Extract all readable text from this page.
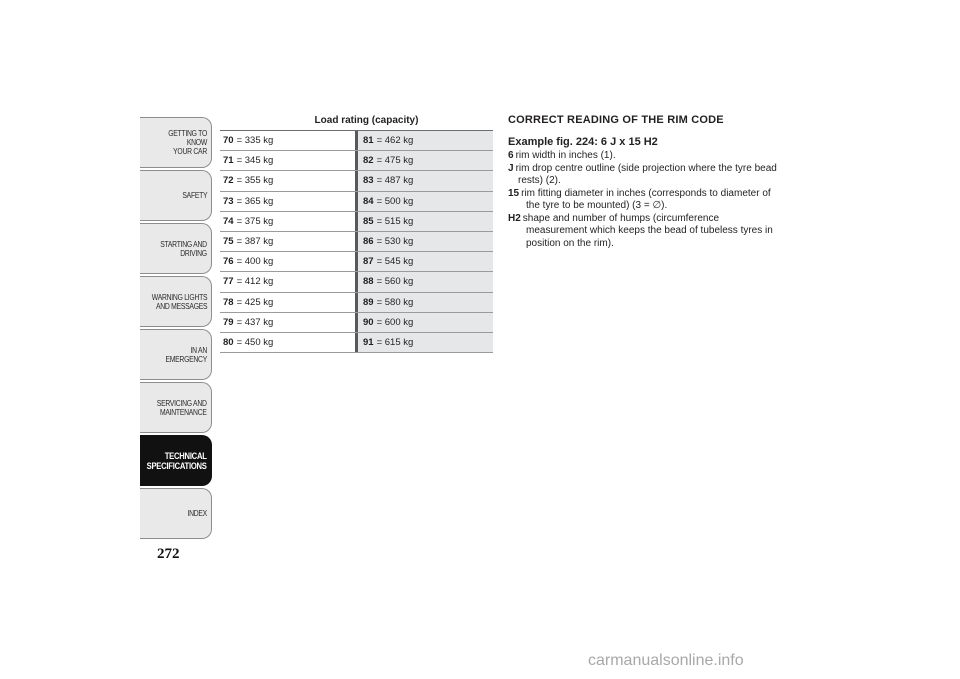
GETTING TO KNOW
YOUR CAR
SAFETY
STARTING AND
DRIVING
WARNING LIGHTS
AND MESSAGES
IN AN EMERGENCY
SERVICING AND
MAINTENANCE
TECHNICAL
SPECIFICATIONS
INDEX
272
Load rating (capacity)
70 = 335 kg	81 = 462 kg
71 = 345 kg	82 = 475 kg
72 = 355 kg	83 = 487 kg
73 = 365 kg	84 = 500 kg
74 = 375 kg	85 = 515 kg
75 = 387 kg	86 = 530 kg
76 = 400 kg	87 = 545 kg
77 = 412 kg	88 = 560 kg
78 = 425 kg	89 = 580 kg
79 = 437 kg	90 = 600 kg
80 = 450 kg	91 = 615 kg
CORRECT READING OF THE RIM CODE
Example fig. 224: 6 J x 15 H2
6 rim width in inches (1).
J rim drop centre outline (side projection where the tyre bead rests) (2).
15 rim fitting diameter in inches (corresponds to diameter of the tyre to be mounted) (3 = ∅).
H2 shape and number of humps (circumference measurement which keeps the bead of tubeless tyres in position on the rim).
carmanualsonline.info
